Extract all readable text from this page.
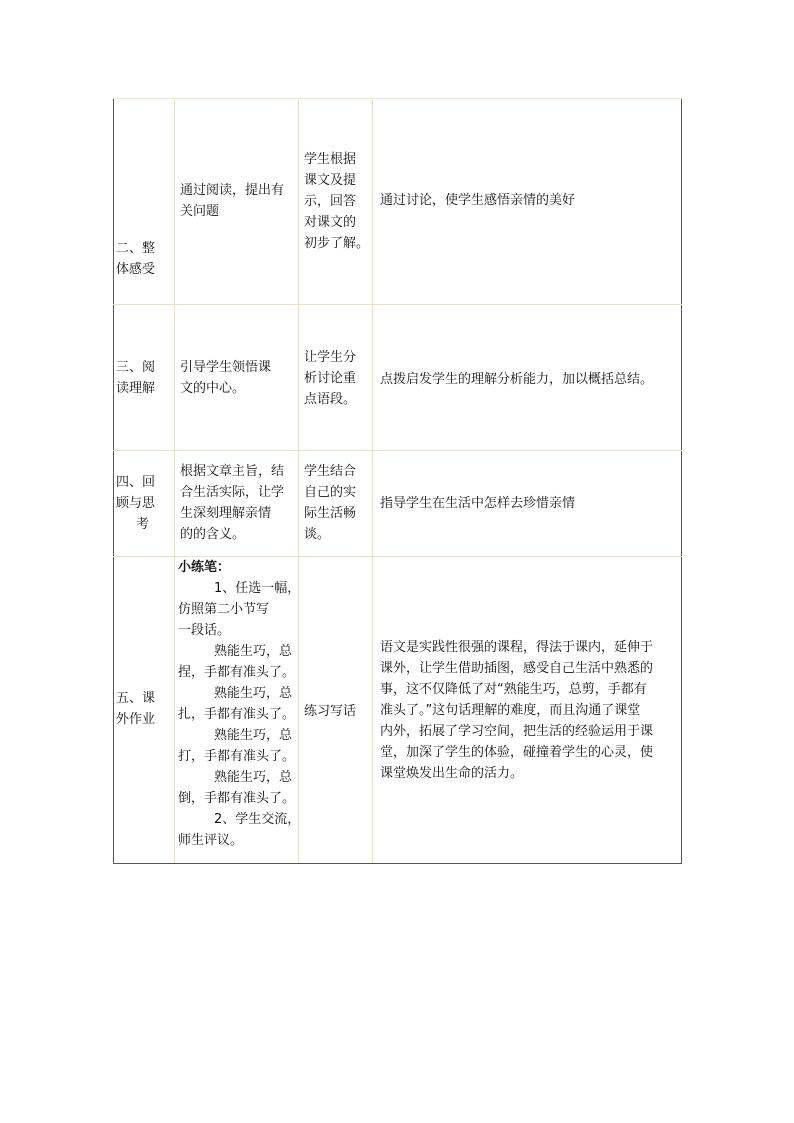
二、整
体感受
通过阅读，提出有
关问题
学生根据
课文及提
示，回答
对课文的
初步了解。
通过讨论，使学生感悟亲情的美好
三、阅
读理解
引导学生领悟课
文的中心。
让学生分
析讨论重
点语段。
点拨启发学生的理解分析能力，加以概括总结。
四、回
顾与思
考
根据文章主旨，结
合生活实际，让学
生深刻理解亲情
的的含义。
学生结合
自己的实
际生活畅
谈。
指导学生在生活中怎样去珍惜亲情
五、课
外作业
小练笔：
1、任选一幅，
仿照第二小节写
一段话。
熟能生巧，总
捏，手都有准头了。
熟能生巧，总
扎，手都有准头了。
熟能生巧，总
打，手都有准头了。
熟能生巧，总
倒，手都有准头了。
2、学生交流，
师生评议。
练习写话
语文是实践性很强的课程，得法于课内，延伸于
课外，让学生借助插图，感受自己生活中熟悉的
事，这不仅降低了对“熟能生巧，总剪，手都有
准头了。”这句话理解的难度，而且沟通了课堂
内外，拓展了学习空间，把生活的经验运用于课
堂，加深了学生的体验，碰撞着学生的心灵，使
课堂焕发出生命的活力。
